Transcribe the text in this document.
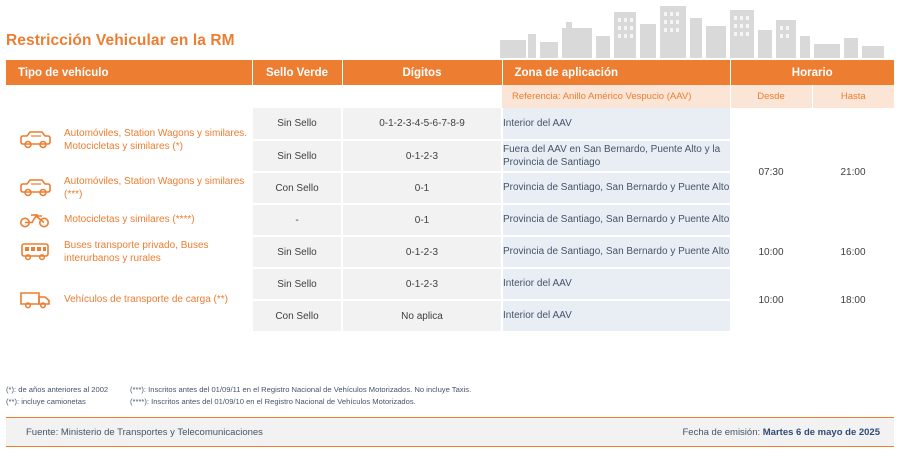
Restricción Vehicular en la RM
Tipo de vehículo		Sello Verde	Dígitos	Zona de aplicación	Horario	
				Referencia: Anillo Américo Vespucio (AAV)	Desde	Hasta
	Automóviles, Station Wagons y similares. Motocicletas y similares (*)	Sin Sello	0-1-2-3-4-5-6-7-8-9	Interior del AAV	07:30	21:00
		Sin Sello	0-1-2-3	Fuera del AAV en San Bernardo, Puente Alto y la Provincia de Santiago		
	Automóviles, Station Wagons y similares (***)	Con Sello	0-1	Provincia de Santiago, San Bernardo y Puente Alto		
	Motocicletas y similares (****)	-	0-1	Provincia de Santiago, San Bernardo y Puente Alto		
	Buses transporte privado, Buses interurbanos y rurales	Sin Sello	0-1-2-3	Provincia de Santiago, San Bernardo y Puente Alto	10:00	16:00
	Vehículos de transporte de carga (**)	Sin Sello	0-1-2-3	Interior del AAV	10:00	18:00
		Con Sello	No aplica	Interior del AAV		
(*): de años anteriores al 2002
(**): incluye camionetas
(***): Inscritos antes del 01/09/11 en el Registro Nacional de Vehículos Motorizados. No incluye Taxis.
(****): Inscritos antes del 01/09/10 en el Registro Nacional de Vehículos Motorizados.
Fuente: Ministerio de Transportes y Telecomunicaciones	Fecha de emisión: Martes 6 de mayo de 2025
